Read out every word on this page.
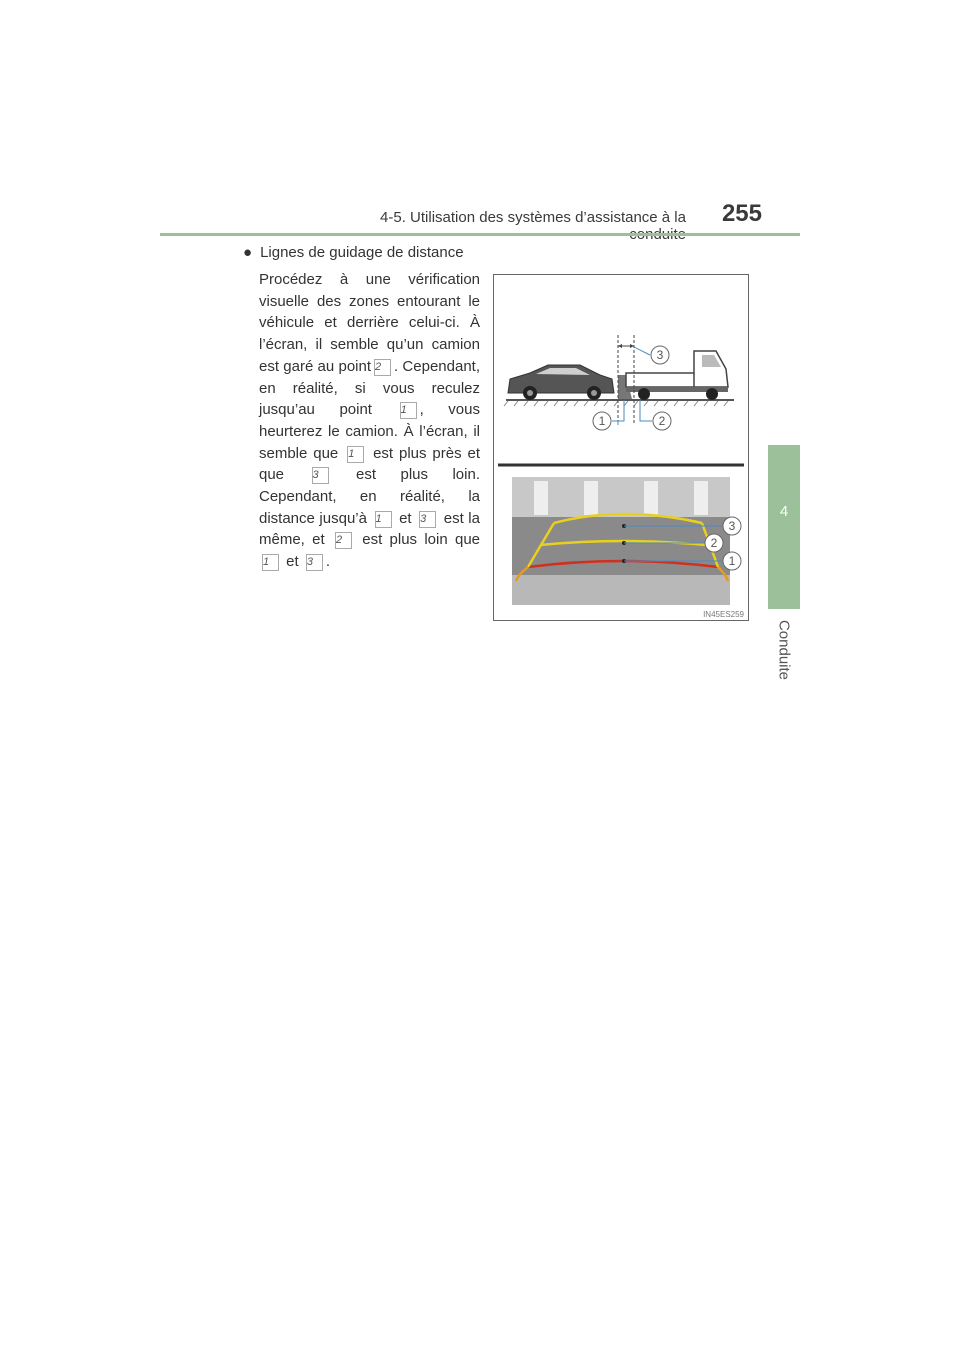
4-5. Utilisation des systèmes d’assistance à la	255
4
Conduite
● Lignes de guidage de distance
Procédez à une vérification visuelle des zones entourant le véhicule et derrière celui-ci. À l’écran, il semble qu’un camion est garé au point 2 . Cependant, en réalité, si vous reculez jusqu’au point	1 , vous heurterez le camion. À l’écran, il semble que 1 est plus près et que	3 est plus loin. Cependant, en réalité, la distance jusqu’à 1 et 3 est la même, et 2 est plus loin que 1 et 3 .
1	2
3
3
2
1
IN45ES259
